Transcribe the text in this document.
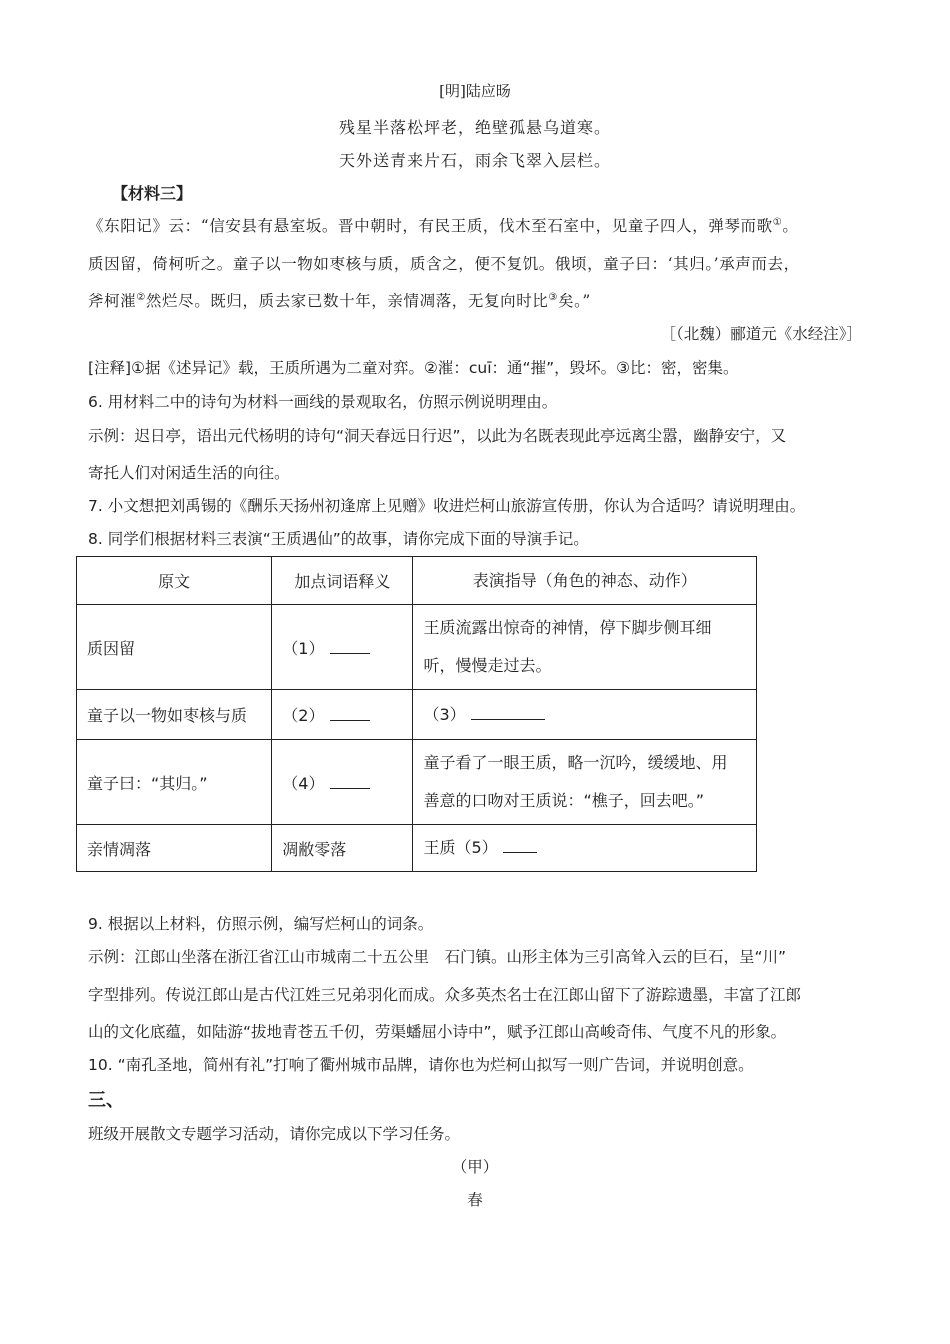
[明]陆应旸
残星半落松坪老，绝壁孤悬乌道寒。
天外送青来片石，雨余飞翠入层栏。
【材料三】
《东阳记》云：“信安县有悬室坂。晋中朝时，有民王质，伐木至石室中，见童子四人，弹琴而歌①。
质因留，倚柯听之。童子以一物如枣核与质，质含之，便不复饥。俄顷，童子曰：‘其归。’承声而去，
斧柯漼②然烂尽。既归，质去家已数十年，亲情凋落，无复向时比③矣。”
［（北魏）郦道元《水经注》］
[注释]①据《述异记》载，王质所遇为二童对弈。②漼：cuī：通“摧”，毁坏。③比：密，密集。
6. 用材料二中的诗句为材料一画线的景观取名，仿照示例说明理由。
示例：迟日亭，语出元代杨明的诗句“洞天春远日行迟”，以此为名既表现此亭远离尘嚣，幽静安宁，又
寄托人们对闲适生活的向往。
7. 小文想把刘禹锡的《酬乐天扬州初逢席上见赠》收进烂柯山旅游宣传册，你认为合适吗？请说明理由。
8. 同学们根据材料三表演“王质遇仙”的故事，请你完成下面的导演手记。
原文	加点词语释义	表演指导（角色的神态、动作）
质因留	（1）	王质流露出惊奇的神情，停下脚步侧耳细
听，慢慢走过去。

童子以一物如枣核与质	（2）	（3）
童子曰：“其归。”	（4）	童子看了一眼王质，略一沉吟，缓缓地、用
善意的口吻对王质说：“樵子，回去吧。”

亲情凋落	凋敝零落	王质（5）
9. 根据以上材料，仿照示例，编写烂柯山的词条。
示例：江郎山坐落在浙江省江山市城南二十五公里　石门镇。山形主体为三引高耸入云的巨石，呈“川”
字型排列。传说江郎山是古代江姓三兄弟羽化而成。众多英杰名士在江郎山留下了游踪遗墨，丰富了江郎
山的文化底蕴，如陆游“拔地青苍五千仞，劳渠蟠屈小诗中”，赋予江郎山高峻奇伟、气度不凡的形象。
10. “南孔圣地，简州有礼”打响了衢州城市品牌，请你也为烂柯山拟写一则广告词，并说明创意。
三、
班级开展散文专题学习活动，请你完成以下学习任务。
（甲）
春
